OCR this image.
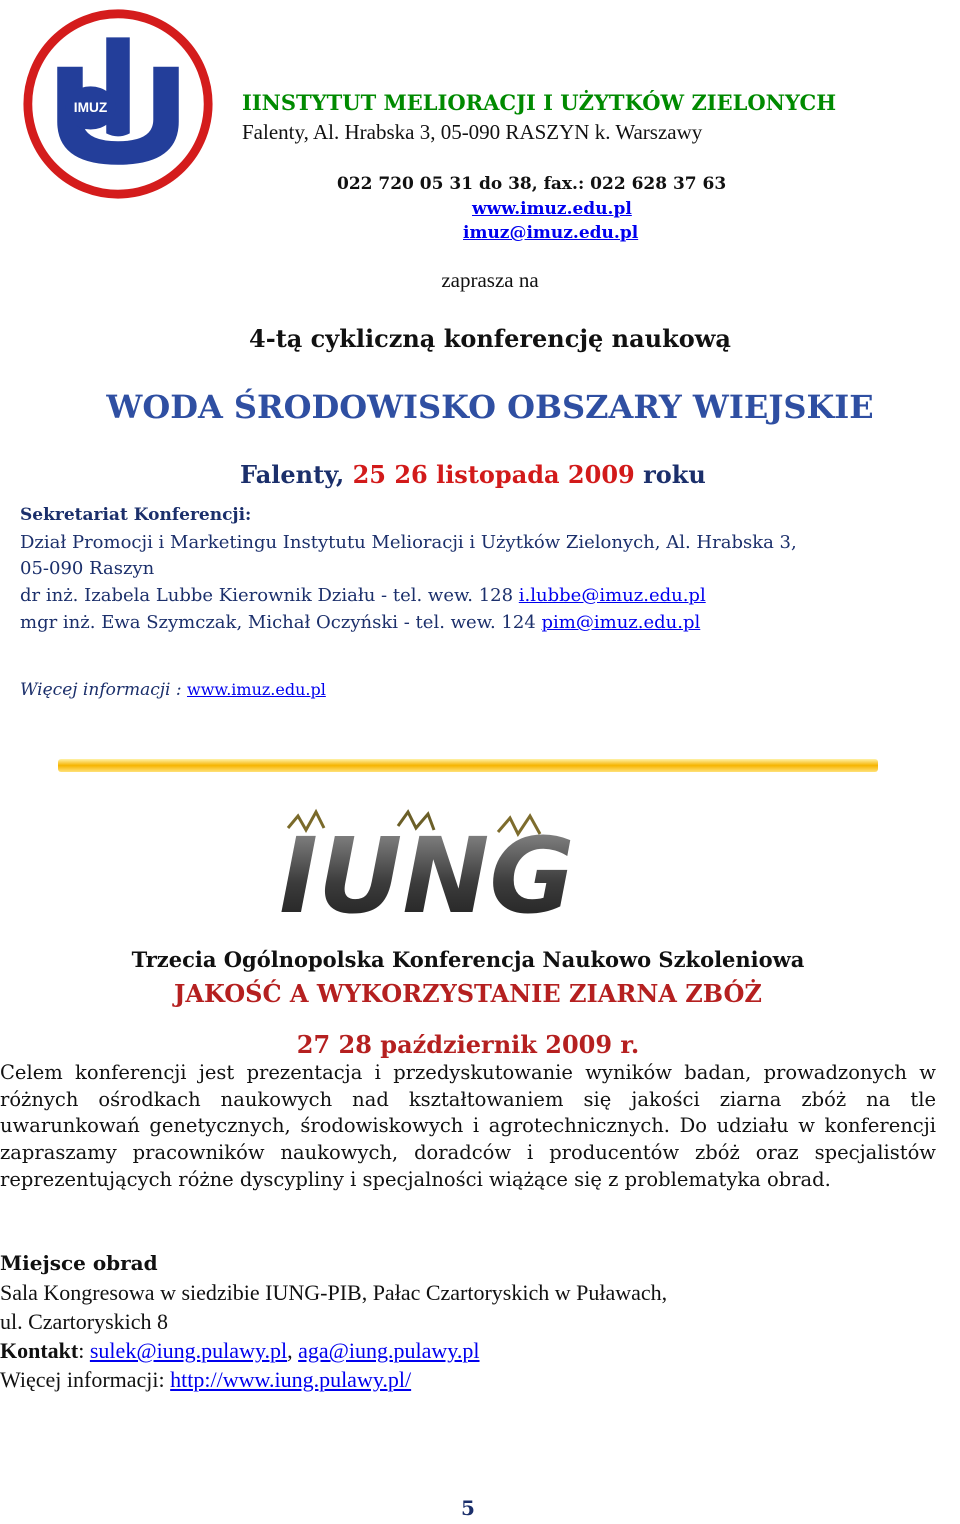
IMUZ	IINSTYTUT MELIORACJI I UŻYTKÓW ZIELONYCH
Falenty, Al. Hrabska 3, 05-090 RASZYN k. Warszawy
022 720 05 31 do 38, fax.: 022 628 37 63
www.imuz.edu.pl
imuz@imuz.edu.pl
zaprasza na
4-tą cykliczną konferencję naukową
WODA ŚRODOWISKO OBSZARY WIEJSKIE
Falenty, 25 26 listopada 2009 roku
Sekretariat Konferencji:
Dział Promocji i Marketingu Instytutu Melioracji i Użytków Zielonych, Al. Hrabska 3,
05-090 Raszyn
dr inż. Izabela Lubbe Kierownik Działu - tel. wew. 128 i.lubbe@imuz.edu.pl
mgr inż. Ewa Szymczak, Michał Oczyński - tel. wew. 124 pim@imuz.edu.pl
Więcej informacji : www.imuz.edu.pl
IUNG
Trzecia Ogólnopolska Konferencja Naukowo Szkoleniowa
JAKOŚĆ A WYKORZYSTANIE ZIARNA ZBÓŻ
27 28 październik 2009 r.
Celem konferencji jest prezentacja i przedyskutowanie wyników badan, prowadzonych w różnych ośrodkach naukowych nad kształtowaniem się jakości ziarna zbóż na tle uwarunkowań genetycznych, środowiskowych i agrotechnicznych. Do udziału w konferencji zapraszamy pracowników naukowych, doradców i producentów zbóż oraz specjalistów reprezentujących różne dyscypliny i specjalności wiążące się z problematyka obrad.
Miejsce obrad
Sala Kongresowa w siedzibie IUNG-PIB, Pałac Czartoryskich w Puławach,
ul. Czartoryskich 8
Kontakt: sulek@iung.pulawy.pl, aga@iung.pulawy.pl
Więcej informacji: http://www.iung.pulawy.pl/
5
